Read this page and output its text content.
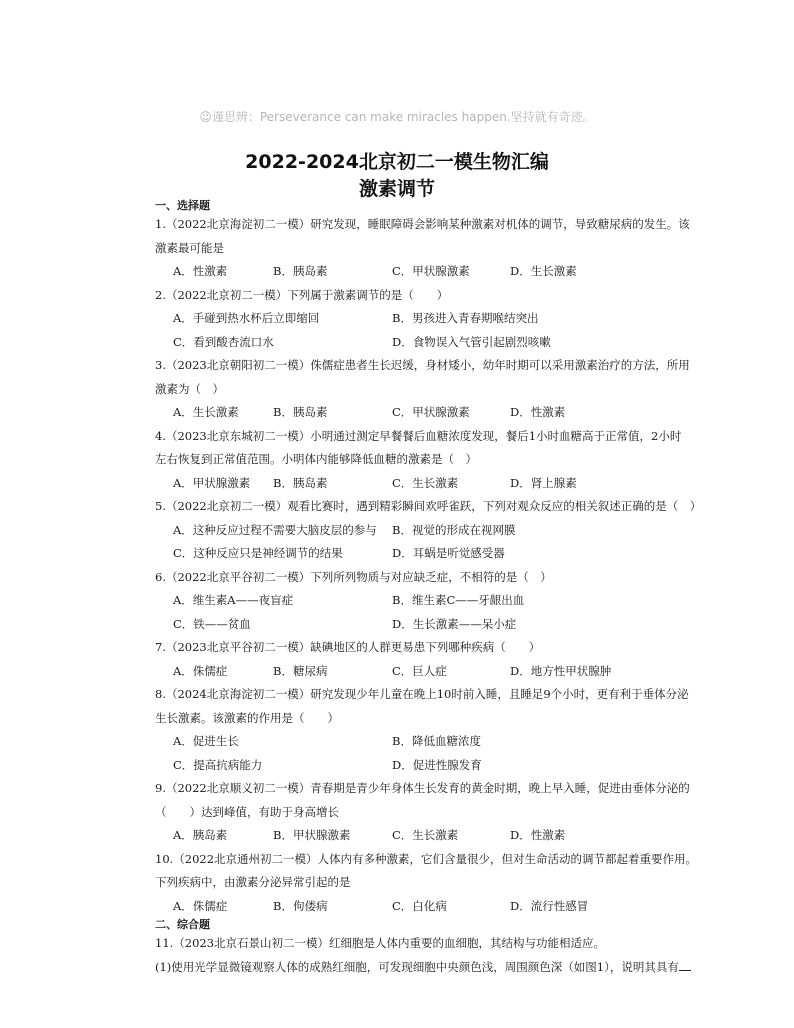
☺谨思辨：Perseverance can make miracles happen.坚持就有奇迹。
2022-2024北京初二一模生物汇编
激素调节
一、选择题
1.（2022北京海淀初二一模）研究发现，睡眠障碍会影响某种激素对机体的调节，导致糖尿病的发生。该
激素最可能是
A．性激素	B．胰岛素	C．甲状腺激素	D．生长激素
2.（2022北京初二一模）下列属于激素调节的是（　　）
A．手碰到热水杯后立即缩回	B．男孩进入青春期喉结突出
C．看到酸杏流口水	D．食物误入气管引起剧烈咳嗽
3.（2023北京朝阳初二一模）侏儒症患者生长迟缓，身材矮小，幼年时期可以采用激素治疗的方法，所用
激素为（　）
A．生长激素	B．胰岛素	C．甲状腺激素	D．性激素
4.（2023北京东城初二一模）小明通过测定早餐餐后血糖浓度发现，餐后1小时血糖高于正常值，2小时
左右恢复到正常值范围。小明体内能够降低血糖的激素是（　）
A．甲状腺激素 B．胰岛素	C．生长激素	D．肾上腺素
5.（2022北京初二一模）观看比赛时，遇到精彩瞬间欢呼雀跃，下列对观众反应的相关叙述正确的是（　）
A．这种反应过程不需要大脑皮层的参与 B．视觉的形成在视网膜
C．这种反应只是神经调节的结果	D．耳蜗是听觉感受器
6.（2022北京平谷初二一模）下列所列物质与对应缺乏症，不相符的是（　）
A．维生素A——夜盲症	B．维生素C——牙龈出血
C．铁——贫血	D．生长激素——呆小症
7.（2023北京平谷初二一模）缺碘地区的人群更易患下列哪种疾病（　　）
A．侏儒症	B．糖尿病	C．巨人症	D．地方性甲状腺肿
8.（2024北京海淀初二一模）研究发现少年儿童在晚上10时前入睡，且睡足9个小时，更有利于垂体分泌
生长激素。该激素的作用是（　　）
A．促进生长	B．降低血糖浓度
C．提高抗病能力	D．促进性腺发育
9.（2022北京顺义初二一模）青春期是青少年身体生长发育的黄金时期，晚上早入睡，促进由垂体分泌的
（　　）达到峰值，有助于身高增长
A．胰岛素	B．甲状腺激素	C．生长激素	D．性激素
10.（2022北京通州初二一模）人体内有多种激素，它们含量很少，但对生命活动的调节都起着重要作用。
下列疾病中，由激素分泌异常引起的是
A．侏儒症	B．佝偻病	C．白化病	D．流行性感冒
二、综合题
11.（2023北京石景山初二一模）红细胞是人体内重要的血细胞，其结构与功能相适应。
(1)使用光学显微镜观察人体的成熟红细胞，可发现细胞中央颜色浅，周围颜色深（如图1），说明其具有
